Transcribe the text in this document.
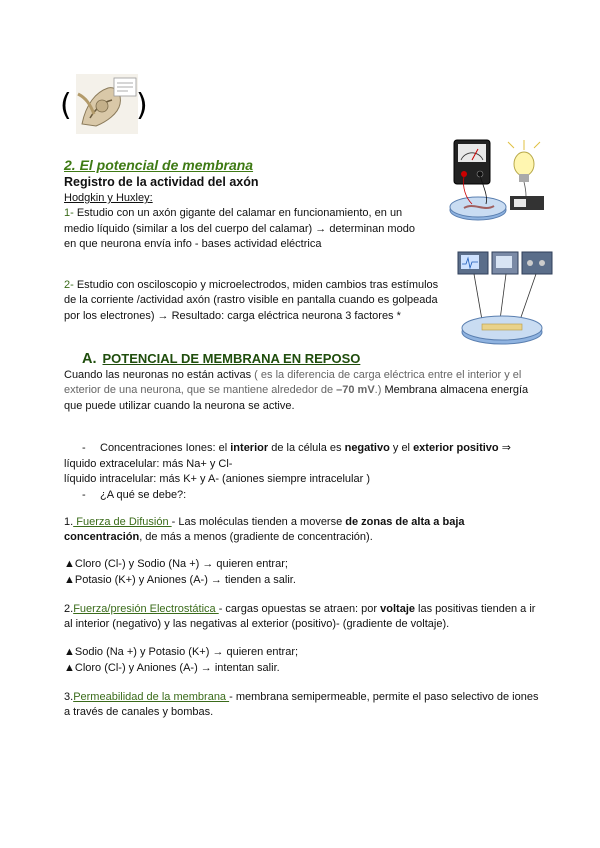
( )
2. El potencial de membrana
Registro de la actividad del axón
Hodgkin y Huxley:
1- Estudio con un axón gigante del calamar en funcionamiento, en un
medio líquido (similar a los del cuerpo del calamar) → determinan modo
en que neurona envía info - bases actividad eléctrica
2- Estudio con osciloscopio y microelectrodos, miden cambios tras estímulos
de la corriente /actividad axón (rastro visible en pantalla cuando es golpeada
por los electrones) → Resultado: carga eléctrica neurona 3 factores *
A. POTENCIAL DE MEMBRANA EN REPOSO
Cuando las neuronas no están activas ( es la diferencia de carga eléctrica entre el interior y el
exterior de una neurona, que se mantiene alrededor de –70 mV.) Membrana almacena energía
que puede utilizar cuando la neurona se active.
- Concentraciones Iones: el interior de la célula es negativo y el exterior positivo ⇒
líquido extracelular: más Na+ y Cl-
líquido intracelular: más K+ y A- (aniones siempre intracelular )
- ¿A qué se debe?:
1. Fuerza de Difusión - Las moléculas tienden a moverse de zonas de alta a baja
concentración, de más a menos (gradiente de concentración).
▲Cloro (Cl-) y Sodio (Na +) → quieren entrar;
▲Potasio (K+) y Aniones (A-) → tienden a salir.
2.Fuerza/presión Electrostática - cargas opuestas se atraen: por voltaje las positivas tienden a ir
al interior (negativo) y las negativas al exterior (positivo)- (gradiente de voltaje).
▲Sodio (Na +) y Potasio (K+) → quieren entrar;
▲Cloro (Cl-) y Aniones (A-) → intentan salir.
3.Permeabilidad de la membrana - membrana semipermeable, permite el paso selectivo de iones
a través de canales y bombas.
